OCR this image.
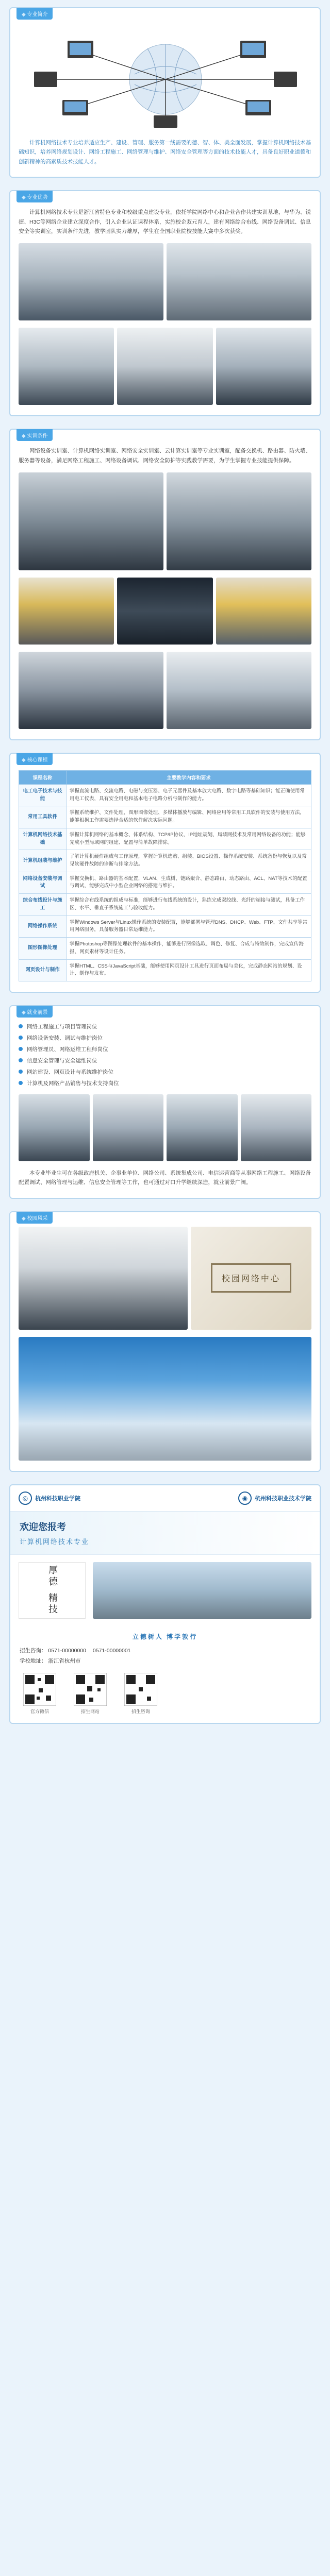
◆ 专业简介
计算机网络技术专业培养适应生产、建设、管理、服务第一线需要的德、智、体、美全面发展，掌握计算机网络技术基础知识，培养网络规划设计、网络工程施工、网络管理与维护、网络安全管理等方面的技术技能人才，具备良好职业道德和创新精神的高素质技术技能人才。
◆ 专业优势
计算机网络技术专业是浙江省特色专业和校级重点建设专业，依托学院网络中心和企业合作共建实训基地，与华为、锐捷、H3C等网络企业建立深度合作，引入企业认证课程体系，实施校企双元育人，建有网络综合布线、网络设备调试、信息安全等实训室，实训条件先进，教学团队实力雄厚，学生在全国职业院校技能大赛中多次获奖。
◆ 实训条件
网络设备实训室、计算机网络实训室、网络安全实训室、云计算实训室等专业实训室，配备交换机、路由器、防火墙、服务器等设备，满足网络工程施工、网络设备调试、网络安全防护等实践教学需要，为学生掌握专业技能提供保障。
◆ 核心课程
课程名称	主要教学内容和要求
电工电子技术与技能	掌握直流电路、交流电路、电磁与变压器、电子元器件及基本放大电路、数字电路等基础知识；能正确使用常用电工仪表，具有安全用电和基本电子电路分析与制作的能力。
常用工具软件	掌握系统维护、文件处理、图形图像处理、多媒体播放与编辑、网络应用等常用工具软件的安装与使用方法，能够根据工作需要选择合适的软件解决实际问题。
计算机网络技术基础	掌握计算机网络的基本概念、体系结构、TCP/IP协议、IP地址规划、局域网技术及常用网络设备的功能；能够完成小型局域网的组建、配置与简单故障排除。
计算机组装与维护	了解计算机硬件组成与工作原理，掌握计算机选购、组装、BIOS设置、操作系统安装、系统备份与恢复以及常见软硬件故障的诊断与排除方法。
网络设备安装与调试	掌握交换机、路由器的基本配置，VLAN、生成树、链路聚合、静态路由、动态路由、ACL、NAT等技术的配置与调试，能够完成中小型企业网络的搭建与维护。
综合布线设计与施工	掌握综合布线系统的组成与标准，能够进行布线系统的设计，熟练完成双绞线、光纤的端接与测试，具备工作区、水平、垂直子系统施工与验收能力。
网络操作系统	掌握Windows Server与Linux操作系统的安装配置，能够部署与管理DNS、DHCP、Web、FTP、文件共享等常用网络服务，具备服务器日常运维能力。
图形图像处理	掌握Photoshop等图像处理软件的基本操作，能够进行图像选取、调色、修复、合成与特效制作，完成宣传海报、网页素材等设计任务。
网页设计与制作	掌握HTML、CSS与JavaScript基础，能够使用网页设计工具进行页面布局与美化，完成静态网站的规划、设计、制作与发布。
◆ 就业前景
网络工程施工与项目管理岗位
网络设备安装、调试与维护岗位
网络管理员、网络运维工程师岗位
信息安全管理与安全运维岗位
网站建设、网页设计与系统维护岗位
计算机及网络产品销售与技术支持岗位
本专业毕业生可在各级政府机关、企事业单位、网络公司、系统集成公司、电信运营商等从事网络工程施工、网络设备配置调试、网络管理与运维、信息安全管理等工作，也可通过对口升学继续深造，就业前景广阔。
◆ 校园风采
校园网络中心
◎	杭州科技职业学院	◉	杭州科技职业技术学院
欢迎您报考
计算机网络技术专业
厚德 精技
立德树人 博学敦行
招生咨询： 0571-00000000 0571-00000001
学校地址： 浙江省杭州市
官方微信	招生网站	招生咨询
